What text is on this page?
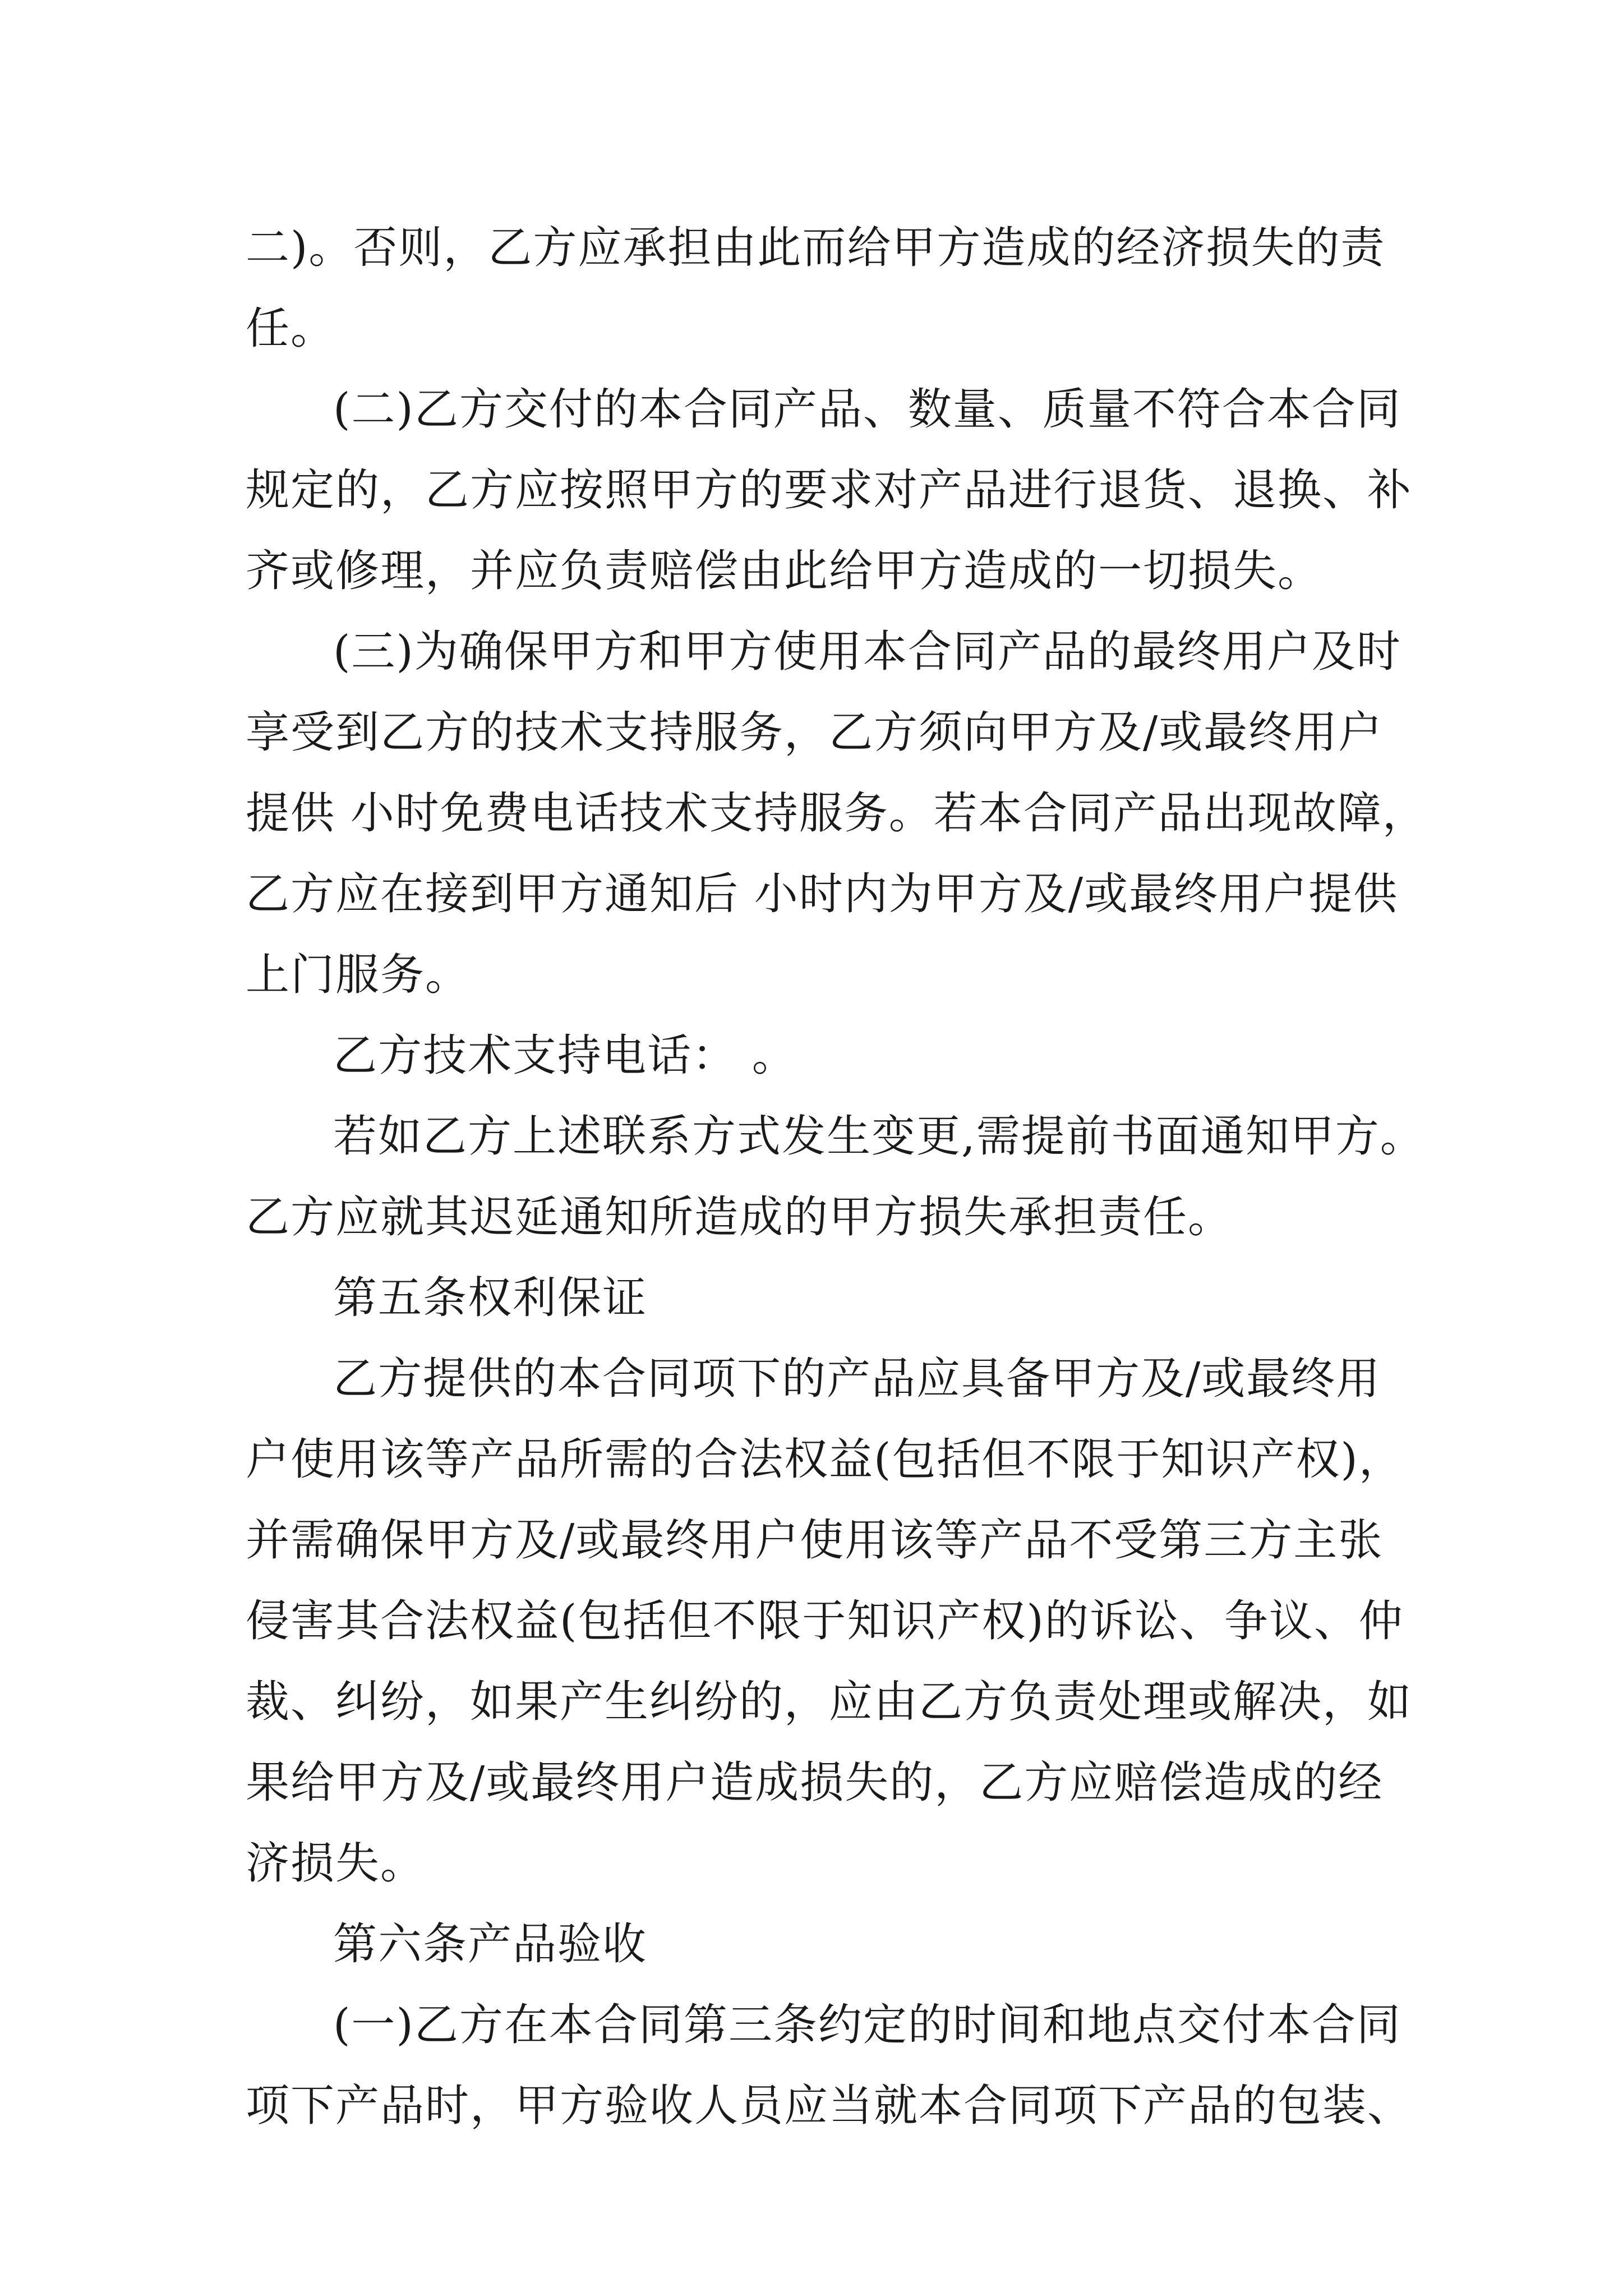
二)。否则，乙方应承担由此而给甲方造成的经济损失的责
任。
(二)乙方交付的本合同产品、数量、质量不符合本合同
规定的，乙方应按照甲方的要求对产品进行退货、退换、补
齐或修理，并应负责赔偿由此给甲方造成的一切损失。
(三)为确保甲方和甲方使用本合同产品的最终用户及时
享受到乙方的技术支持服务，乙方须向甲方及/或最终用户
提供 小时免费电话技术支持服务。若本合同产品出现故障，
乙方应在接到甲方通知后 小时内为甲方及/或最终用户提供
上门服务。
乙方技术支持电话： 。
若如乙方上述联系方式发生变更,需提前书面通知甲方。
乙方应就其迟延通知所造成的甲方损失承担责任。
第五条权利保证
乙方提供的本合同项下的产品应具备甲方及/或最终用
户使用该等产品所需的合法权益(包括但不限于知识产权)，
并需确保甲方及/或最终用户使用该等产品不受第三方主张
侵害其合法权益(包括但不限于知识产权)的诉讼、争议、仲
裁、纠纷，如果产生纠纷的，应由乙方负责处理或解决，如
果给甲方及/或最终用户造成损失的，乙方应赔偿造成的经
济损失。
第六条产品验收
(一)乙方在本合同第三条约定的时间和地点交付本合同
项下产品时，甲方验收人员应当就本合同项下产品的包装、
